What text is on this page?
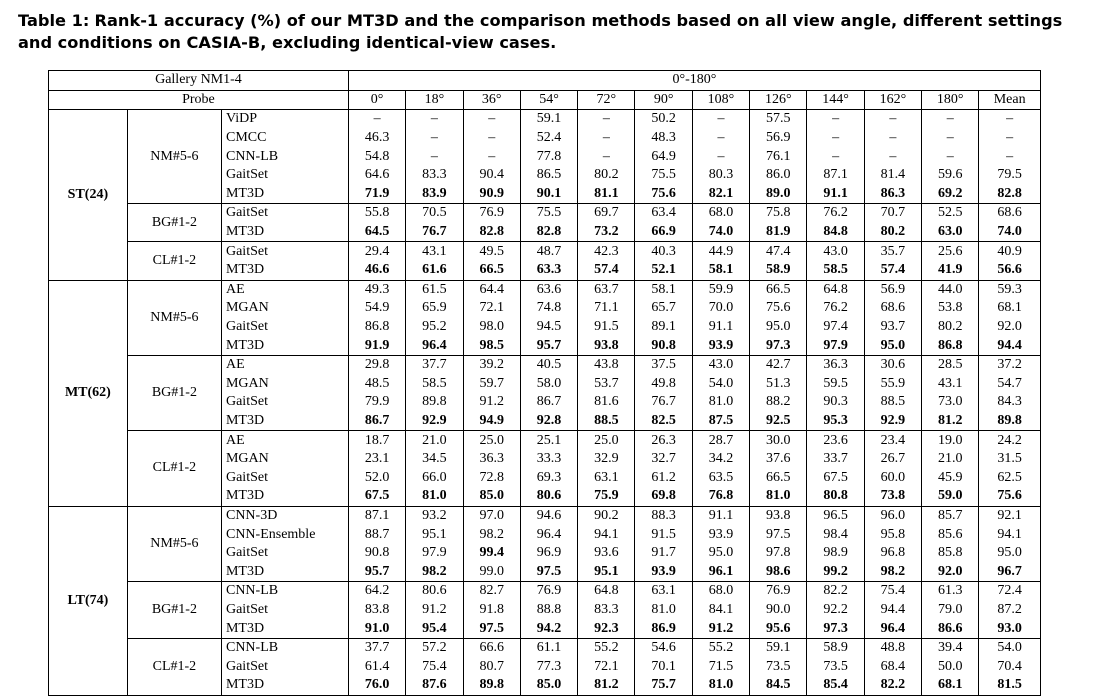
Table 1: Rank-1 accuracy (%) of our MT3D and the comparison methods based on all view angle, different settings and conditions on CASIA-B, excluding identical-view cases.
Gallery NM1-4			0°-180°											
Probe			0°	18°	36°	54°	72°	90°	108°	126°	144°	162°	180°	Mean
ST(24)	NM#5-6	ViDP	–	–	–	59.1	–	50.2	–	57.5	–	–	–	–
		CMCC	46.3	–	–	52.4	–	48.3	–	56.9	–	–	–	–
		CNN-LB	54.8	–	–	77.8	–	64.9	–	76.1	–	–	–	–
		GaitSet	64.6	83.3	90.4	86.5	80.2	75.5	80.3	86.0	87.1	81.4	59.6	79.5
		MT3D	71.9	83.9	90.9	90.1	81.1	75.6	82.1	89.0	91.1	86.3	69.2	82.8
	BG#1-2	GaitSet	55.8	70.5	76.9	75.5	69.7	63.4	68.0	75.8	76.2	70.7	52.5	68.6
		MT3D	64.5	76.7	82.8	82.8	73.2	66.9	74.0	81.9	84.8	80.2	63.0	74.0
	CL#1-2	GaitSet	29.4	43.1	49.5	48.7	42.3	40.3	44.9	47.4	43.0	35.7	25.6	40.9
		MT3D	46.6	61.6	66.5	63.3	57.4	52.1	58.1	58.9	58.5	57.4	41.9	56.6
MT(62)	NM#5-6	AE	49.3	61.5	64.4	63.6	63.7	58.1	59.9	66.5	64.8	56.9	44.0	59.3
		MGAN	54.9	65.9	72.1	74.8	71.1	65.7	70.0	75.6	76.2	68.6	53.8	68.1
		GaitSet	86.8	95.2	98.0	94.5	91.5	89.1	91.1	95.0	97.4	93.7	80.2	92.0
		MT3D	91.9	96.4	98.5	95.7	93.8	90.8	93.9	97.3	97.9	95.0	86.8	94.4
	BG#1-2	AE	29.8	37.7	39.2	40.5	43.8	37.5	43.0	42.7	36.3	30.6	28.5	37.2
		MGAN	48.5	58.5	59.7	58.0	53.7	49.8	54.0	51.3	59.5	55.9	43.1	54.7
		GaitSet	79.9	89.8	91.2	86.7	81.6	76.7	81.0	88.2	90.3	88.5	73.0	84.3
		MT3D	86.7	92.9	94.9	92.8	88.5	82.5	87.5	92.5	95.3	92.9	81.2	89.8
	CL#1-2	AE	18.7	21.0	25.0	25.1	25.0	26.3	28.7	30.0	23.6	23.4	19.0	24.2
		MGAN	23.1	34.5	36.3	33.3	32.9	32.7	34.2	37.6	33.7	26.7	21.0	31.5
		GaitSet	52.0	66.0	72.8	69.3	63.1	61.2	63.5	66.5	67.5	60.0	45.9	62.5
		MT3D	67.5	81.0	85.0	80.6	75.9	69.8	76.8	81.0	80.8	73.8	59.0	75.6
LT(74)	NM#5-6	CNN-3D	87.1	93.2	97.0	94.6	90.2	88.3	91.1	93.8	96.5	96.0	85.7	92.1
		CNN-Ensemble	88.7	95.1	98.2	96.4	94.1	91.5	93.9	97.5	98.4	95.8	85.6	94.1
		GaitSet	90.8	97.9	99.4	96.9	93.6	91.7	95.0	97.8	98.9	96.8	85.8	95.0
		MT3D	95.7	98.2	99.0	97.5	95.1	93.9	96.1	98.6	99.2	98.2	92.0	96.7
	BG#1-2	CNN-LB	64.2	80.6	82.7	76.9	64.8	63.1	68.0	76.9	82.2	75.4	61.3	72.4
		GaitSet	83.8	91.2	91.8	88.8	83.3	81.0	84.1	90.0	92.2	94.4	79.0	87.2
		MT3D	91.0	95.4	97.5	94.2	92.3	86.9	91.2	95.6	97.3	96.4	86.6	93.0
	CL#1-2	CNN-LB	37.7	57.2	66.6	61.1	55.2	54.6	55.2	59.1	58.9	48.8	39.4	54.0
		GaitSet	61.4	75.4	80.7	77.3	72.1	70.1	71.5	73.5	73.5	68.4	50.0	70.4
		MT3D	76.0	87.6	89.8	85.0	81.2	75.7	81.0	84.5	85.4	82.2	68.1	81.5
